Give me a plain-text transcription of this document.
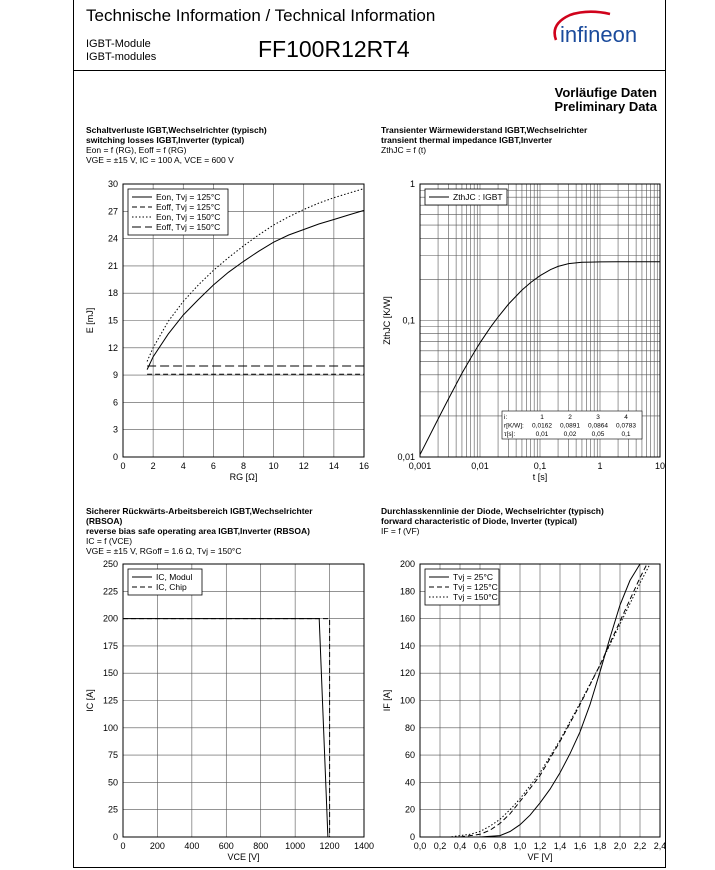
Technische Information / Technical Information
IGBT-Module
IGBT-modules	FF100R12RT4
infineon
Vorläufige Daten
Preliminary Data
Schaltverluste IGBT,Wechselrichter (typisch)
switching losses IGBT,Inverter (typical)
Eon = f (RG), Eoff = f (RG)
VGE = ±15 V, IC = 100 A, VCE = 600 V
Transienter Wärmewiderstand IGBT,Wechselrichter
transient thermal impedance IGBT,Inverter
ZthJC = f (t)
Sicherer Rückwärts-Arbeitsbereich IGBT,Wechselrichter
(RBSOA)
reverse bias safe operating area IGBT,Inverter (RBSOA)
IC = f (VCE)
VGE = ±15 V, RGoff = 1.6 Ω, Tvj = 150°C
Durchlasskennlinie der Diode, Wechselrichter (typisch)
forward characteristic of Diode, Inverter (typical)
IF = f (VF)
0	2	4	6	8	10 12 14 16
0
3
6
9
12
15
18
21
24
27
30
RG [Ω]
E [mJ]
Eon, Tvj = 125°C
Eoff, Tvj = 125°C
Eon, Tvj = 150°C
Eoff, Tvj = 150°C
0,001	0,01	0,1	1	10
0,01
0,1
1
t [s]
ZthJC [K/W]
ZthJC : IGBT
i:	1	2	3	4
r[K/W]: 0,0162 0,0891 0,0864 0,0783
τ[s]:	0,01 0,02 0,05	0,1
0	200 400 600 800 1000 1200 1400
0
25
50
75
100
125
150
175
200
225
250
VCE [V]
IC [A]
IC, Modul
IC, Chip
0,0 0,2 0,4 0,6 0,8 1,0 1,2 1,4 1,6 1,8 2,0 2,2 2,4
0
20
40
60
80
100
120
140
160
180
200
VF [V]
IF [A]
Tvj = 25°C
Tvj = 125°C
Tvj = 150°C
